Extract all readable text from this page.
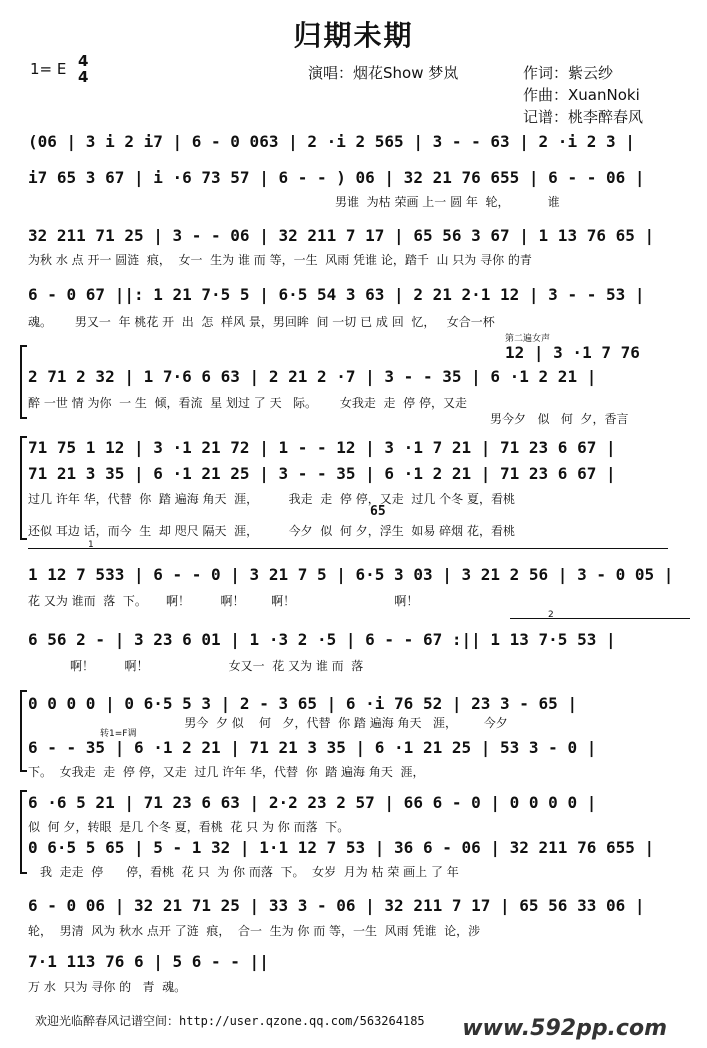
归期未期
1= E 4
4	演唱：烟花Show 梦岚	作词：紫云纱
作曲：XuanNoki
记谱：桃李醉春风
(06 | 3 i 2 i7 | 6 - 0 063 | 2 ·i 2 565 | 3 - - 63 | 2 ·i 2 3 |
i7 65 3 67 | i ·6 73 57 | 6 - - ) 06 | 32 21 76 655 | 6 - - 06 |
男谁  为枯 荣画 上一 圆 年  轮，          谁
32 211 71 25 | 3 - - 06 | 32 211 7 17 | 65 56 3 67 | 1 13 76 65 |
为秋 水 点 开一 圆涟  痕，  女一  生为 谁 而 等，一生  风雨 凭谁 论，踏千  山 只为 寻你 的青
6 - 0 67 ||: 1 21 7·5 5 | 6·5 54 3 63 | 2 21 2·1 12 | 3 - - 53 |
魂。      男又一  年 桃花 开  出  怎  样风 景，男回眸  间 一切 已 成 回  忆，   女合一杯
第二遍女声
12 | 3 ·1 7 76
2 71 2 32 | 1 7·6 6 63 | 2 21 2 ·7 | 3 - - 35 | 6 ·1 2 21 |
醉 一世 情 为你  一 生  倾，看流  星 划过 了 天   际。      女我走  走  停 停，又走
男今夕   似   何  夕，香言
71 75 1 12 | 3 ·1 21 72 | 1 - - 12 | 3 ·1 7 21 | 71 23 6 67 |
71 21 3 35 | 6 ·1 21 25 | 3 - - 35 | 6 ·1 2 21 | 71 23 6 67 |
过几 许年 华，代替  你  踏 遍海 角天  涯，        我走  走  停 停，又走  过几 个冬 夏，看桃
65
还似 耳边 话，而今  生  却 咫尺 隔天  涯，        今夕  似  何 夕，浮生  如易 碎烟 花，看桃
1
1 12 7 533 | 6 - - 0 | 3 21 7 5 | 6·5 3 03 | 3 21 2 56 | 3 - 0 05 |
花 又为 谁而  落  下。     啊！        啊！       啊！                          啊！
2
6 56 2 - | 3 23 6 01 | 1 ·3 2 ·5 | 6 - - 67 :|| 1 13 7·5 53 |
啊！        啊！                     女又一  花 又为 谁 而  落
0 0 0 0 | 0 6·5 5 3 | 2 - 3 65 | 6 ·i 76 52 | 23 3 - 65 |
男今  夕 似    何   夕，代替  你 踏 遍海 角天   涯，       今夕
转1=F调
6 - - 35 | 6 ·1 2 21 | 71 21 3 35 | 6 ·1 21 25 | 53 3 - 0 |
下。  女我走  走  停 停，又走  过几 许年 华，代替  你  踏 遍海 角天  涯，
6 ·6 5 21 | 71 23 6 63 | 2·2 23 2 57 | 66 6 - 0 | 0 0 0 0 |
似  何 夕，转眼  是几 个冬 夏，看桃  花 只 为 你 而落  下。
0 6·5 5 65 | 5 - 1 32 | 1·1 12 7 53 | 36 6 - 06 | 32 211 76 655 |
我  走走  停      停，看桃  花 只  为 你 而落  下。  女岁  月为 枯 荣 画上 了 年
6 - 0 06 | 32 21 71 25 | 33 3 - 06 | 32 211 7 17 | 65 56 33 06 |
轮，  男清  风为 秋水 点开 了涟  痕，  合一  生为 你 而 等，一生  风雨 凭谁  论，涉
7·1 113 76 6 | 5 6 - - ||
万 水  只为 寻你 的   青  魂。
欢迎光临醉春风记谱空间：http://user.qzone.qq.com/563264185 www.592pp.com
